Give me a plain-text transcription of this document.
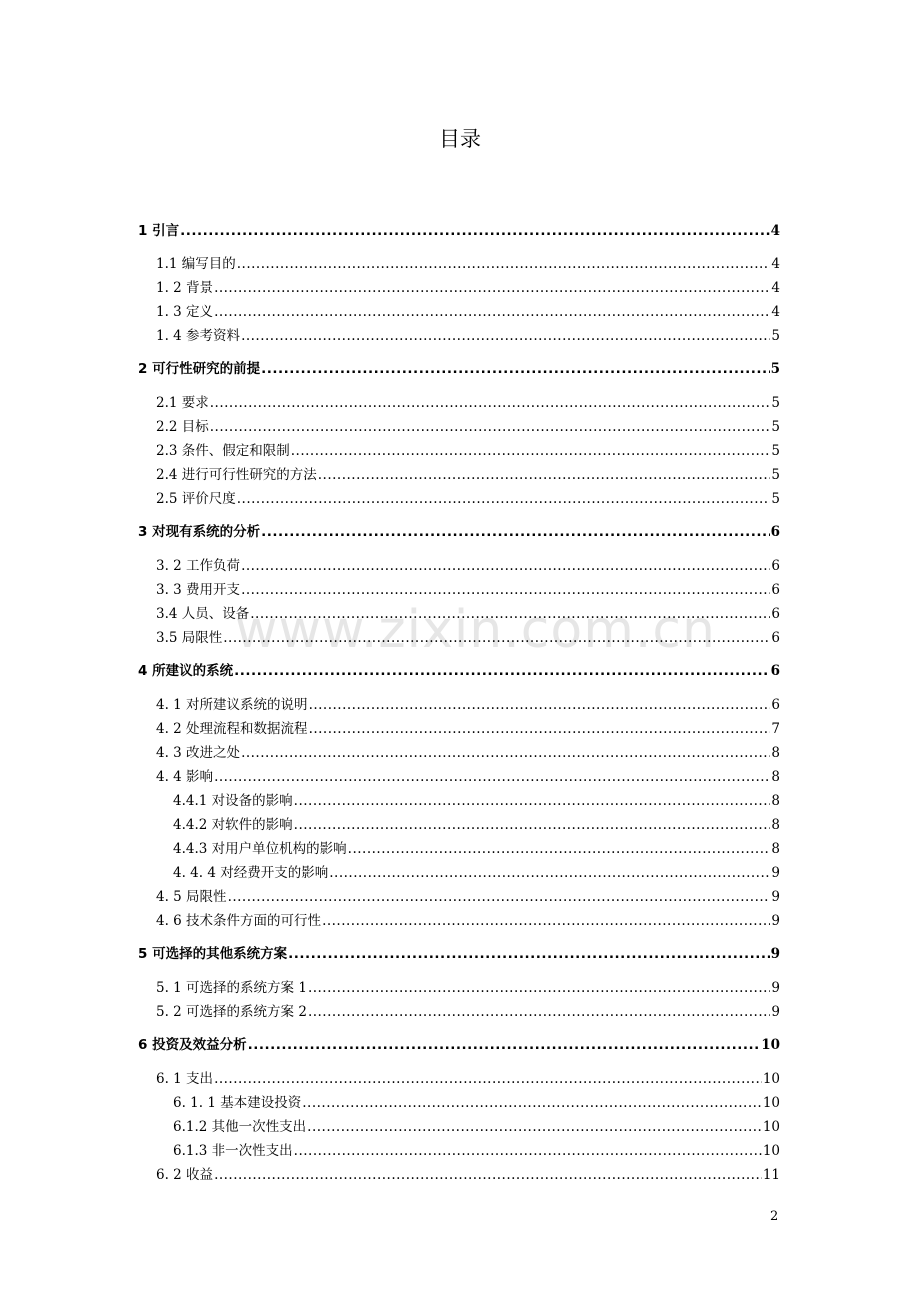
www.zixin.com.cn
目录
1 引言 .....	4
1.1 编写目的 .....	4
1. 2 背景 .....	4
1. 3 定义 .....	4
1. 4 参考资料 .....	5
2 可行性研究的前提 .....	5
2.1 要求 .....	5
2.2 目标 .....	5
2.3 条件、假定和限制 .....	5
2.4 进行可行性研究的方法 .....	5
2.5 评价尺度 .....	5
3 对现有系统的分析 .....	6
3. 2 工作负荷 .....	6
3. 3 费用开支 .....	6
3.4 人员、设备 .....	6
3.5 局限性 .....	6
4 所建议的系统 .....	6
4. 1 对所建议系统的说明 .....	6
4. 2 处理流程和数据流程 .....	7
4. 3 改进之处 .....	8
4. 4 影响 .....	8
4.4.1 对设备的影响 .....	8
4.4.2 对软件的影响 .....	8
4.4.3 对用户单位机构的影响 .....	8
4. 4. 4 对经费开支的影响 .....	9
4. 5 局限性 .....	9
4. 6 技术条件方面的可行性 .....	9
5 可选择的其他系统方案 .....	9
5. 1 可选择的系统方案 1 .....	9
5. 2 可选择的系统方案 2 .....	9
6 投资及效益分析 .....	10
6. 1 支出 .....	10
6. 1. 1 基本建设投资 .....	10
6.1.2 其他一次性支出 .....	10
6.1.3 非一次性支出 .....	10
6. 2 收益 .....	11
2
